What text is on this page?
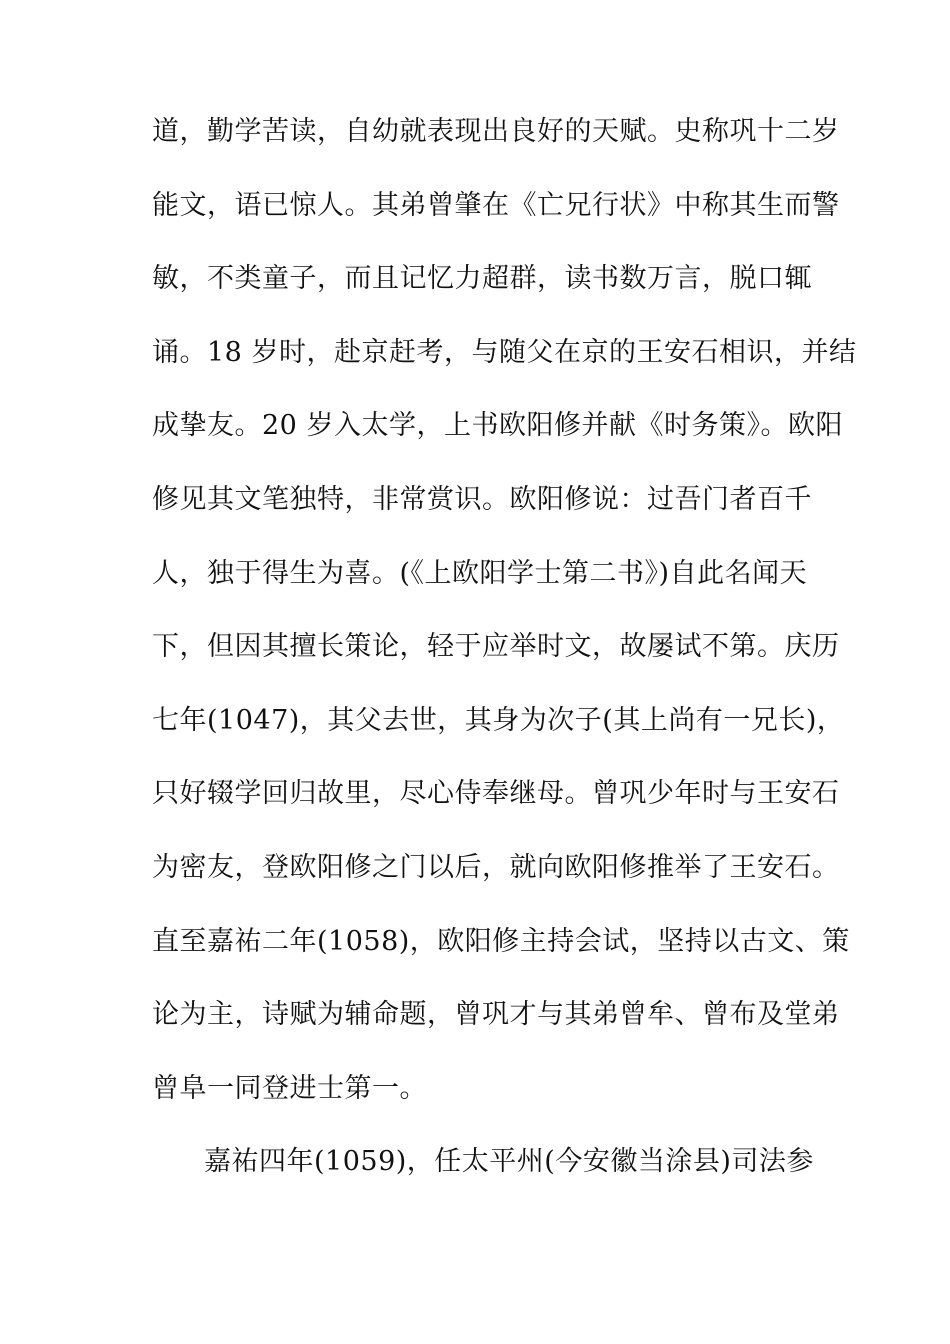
道，勤学苦读，自幼就表现出良好的天赋。史称巩十二岁
能文，语已惊人。其弟曾肇在《亡兄行状》中称其生而警
敏，不类童子，而且记忆力超群，读书数万言，脱口辄
诵。18 岁时，赴京赶考，与随父在京的王安石相识，并结
成挚友。20 岁入太学，上书欧阳修并献《时务策》。欧阳
修见其文笔独特，非常赏识。欧阳修说：过吾门者百千
人，独于得生为喜。(《上欧阳学士第二书》)自此名闻天
下，但因其擅长策论，轻于应举时文，故屡试不第。庆历
七年(1047)，其父去世，其身为次子(其上尚有一兄长)，
只好辍学回归故里，尽心侍奉继母。曾巩少年时与王安石
为密友，登欧阳修之门以后，就向欧阳修推举了王安石。
直至嘉祐二年(1058)，欧阳修主持会试，坚持以古文、策
论为主，诗赋为辅命题，曾巩才与其弟曾牟、曾布及堂弟
曾阜一同登进士第一。
嘉祐四年(1059)，任太平州(今安徽当涂县)司法参
